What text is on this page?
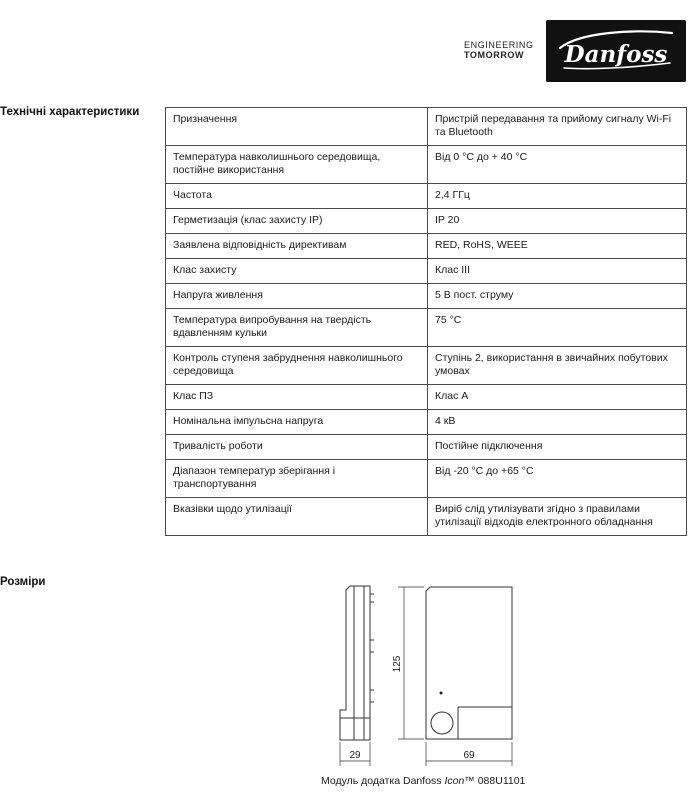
ENGINEERING
TOMORROW	Danfoss
Технічні характеристики
Призначення	Пристрій передавання та прийому сигналу Wi-Fi та Bluetooth
Температура навколишнього середовища, постійне використання	Від 0 °C до + 40 °C
Частота	2,4 ГГц
Герметизація (клас захисту IP)	IP 20
Заявлена відповідність директивам	RED, RoHS, WEEE
Клас захисту	Клас III
Напруга живлення	5 В пост. струму
Температура випробування на твердість вдавленням кульки	75 °C
Контроль ступеня забруднення навколишнього середовища	Ступінь 2, використання в звичайних побутових умовах
Клас ПЗ	Клас A
Номінальна імпульсна напруга	4 кВ
Тривалість роботи	Постійне підключення
Діапазон температур зберігання і транспортування	Від -20 °C до +65 °C
Вказівки щодо утилізації	Виріб слід утилізувати згідно з правилами утилізації відходів електронного обладнання
Розміри
29
125
69
Модуль додатка Danfoss Icon™ 088U1101
